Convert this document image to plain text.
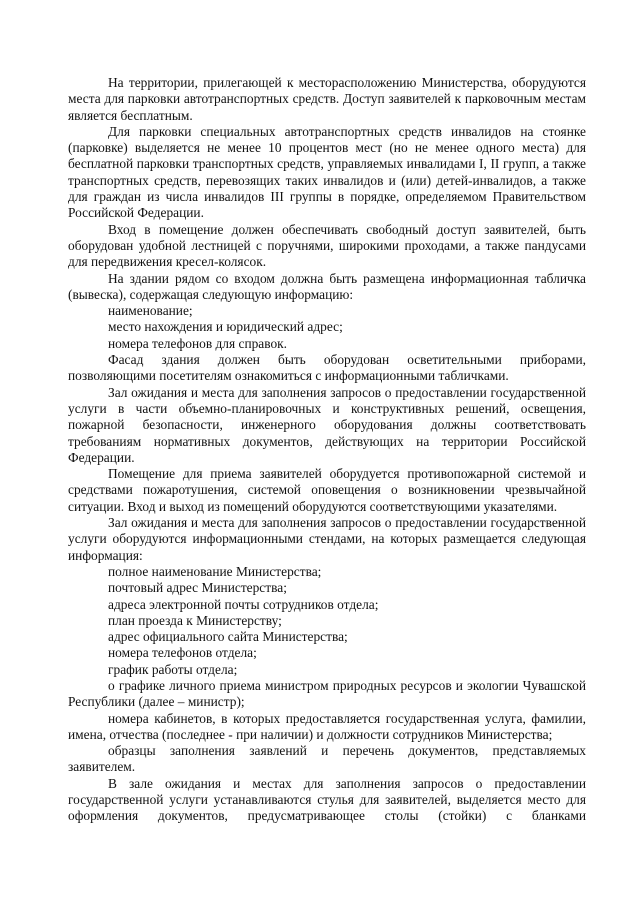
На территории, прилегающей к месторасположению Министерства, оборудуются места для парковки автотранспортных средств. Доступ заявителей к парковочным местам является бесплатным.

Для парковки специальных автотранспортных средств инвалидов на стоянке (парковке) выделяется не менее 10 процентов мест (но не менее одного места) для бесплатной парковки транспортных средств, управляемых инвалидами I, II групп, а также транспортных средств, перевозящих таких инвалидов и (или) детей-инвалидов, а также для граждан из числа инвалидов III группы в порядке, определяемом Правительством Российской Федерации.

Вход в помещение должен обеспечивать свободный доступ заявителей, быть оборудован удобной лестницей с поручнями, широкими проходами, а также пандусами для передвижения кресел-колясок.

На здании рядом со входом должна быть размещена информационная табличка (вывеска), содержащая следующую информацию:

наименование;

место нахождения и юридический адрес;

номера телефонов для справок.

Фасад здания должен быть оборудован осветительными приборами, позволяющими посетителям ознакомиться с информационными табличками.

Зал ожидания и места для заполнения запросов о предоставлении государственной услуги в части объемно-планировочных и конструктивных решений, освещения, пожарной безопасности, инженерного оборудования должны соответствовать требованиям нормативных документов, действующих на территории Российской Федерации.

Помещение для приема заявителей оборудуется противопожарной системой и средствами пожаротушения, системой оповещения о возникновении чрезвычайной ситуации. Вход и выход из помещений оборудуются соответствующими указателями.

Зал ожидания и места для заполнения запросов о предоставлении государственной услуги оборудуются информационными стендами, на которых размещается следующая информация:

полное наименование Министерства;

почтовый адрес Министерства;

адреса электронной почты сотрудников отдела;

план проезда к Министерству;

адрес официального сайта Министерства;

номера телефонов отдела;

график работы отдела;

о графике личного приема министром природных ресурсов и экологии Чувашской Республики (далее – министр);

номера кабинетов, в которых предоставляется государственная услуга, фамилии, имена, отчества (последнее - при наличии) и должности сотрудников Министерства;

образцы заполнения заявлений и перечень документов, представляемых заявителем.

В зале ожидания и местах для заполнения запросов о предоставлении государственной услуги устанавливаются стулья для заявителей, выделяется место для оформления документов, предусматривающее столы (стойки) с бланками
